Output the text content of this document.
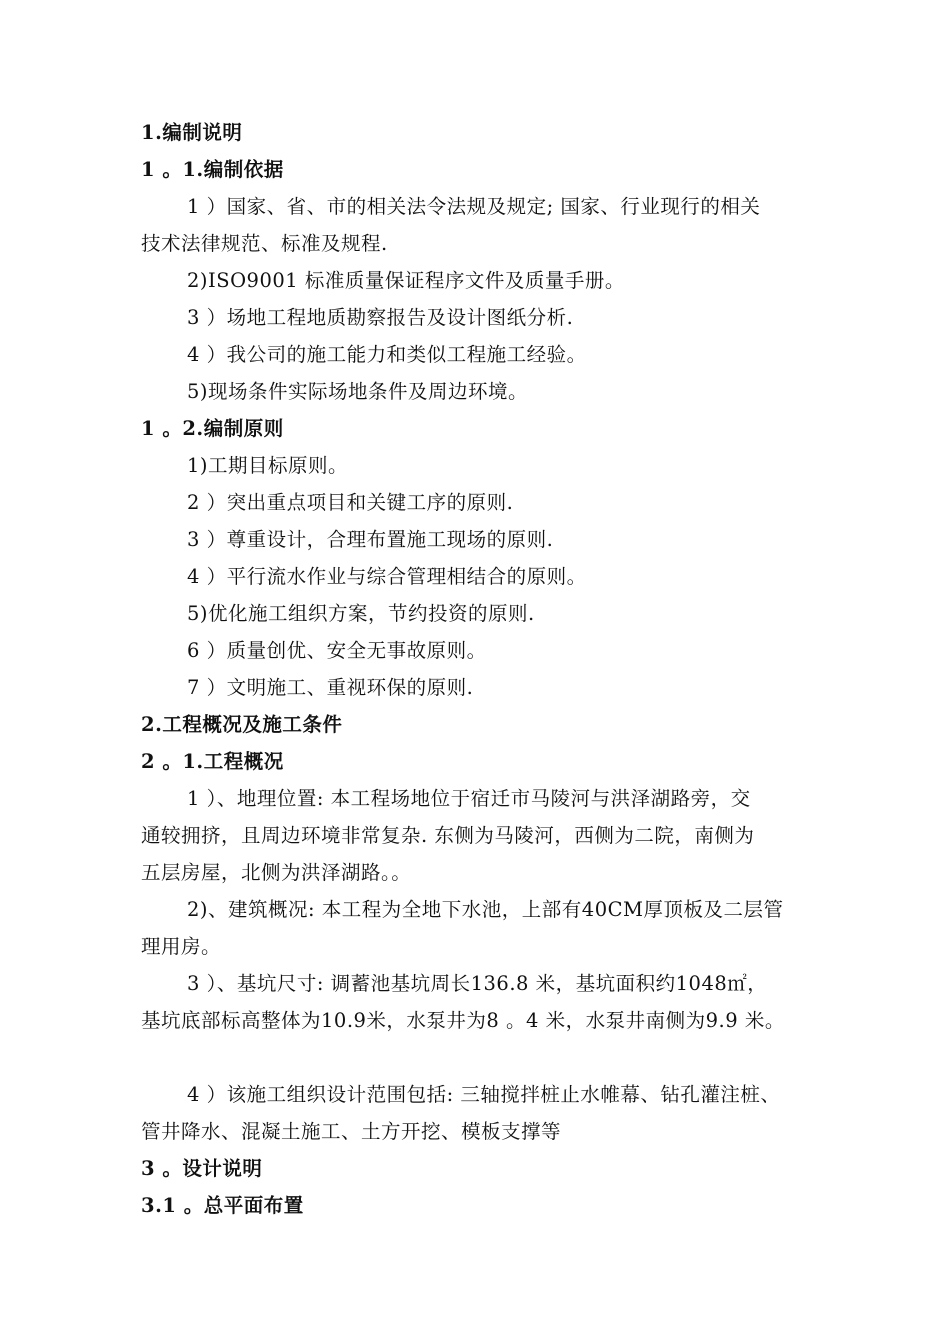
1.编制说明
1 。1.编制依据
1 ）国家、省、市的相关法令法规及规定; 国家、行业现行的相关
技术法律规范、标准及规程.
2)ISO9001 标准质量保证程序文件及质量手册。
3 ）场地工程地质勘察报告及设计图纸分析.
4 ）我公司的施工能力和类似工程施工经验。
5)现场条件实际场地条件及周边环境。
1 。2.编制原则
1)工期目标原则。
2 ）突出重点项目和关键工序的原则.
3 ）尊重设计，合理布置施工现场的原则.
4 ）平行流水作业与综合管理相结合的原则。
5)优化施工组织方案，节约投资的原则.
6 ）质量创优、安全无事故原则。
7 ）文明施工、重视环保的原则.
2.工程概况及施工条件
2 。1.工程概况
1 ）、地理位置: 本工程场地位于宿迁市马陵河与洪泽湖路旁，交
通较拥挤，且周边环境非常复杂. 东侧为马陵河，西侧为二院，南侧为
五层房屋，北侧为洪泽湖路。。
2)、建筑概况: 本工程为全地下水池，上部有40CM厚顶板及二层管
理用房。
3 ）、基坑尺寸: 调蓄池基坑周长136.8 米，基坑面积约1048㎡，
基坑底部标高整体为10.9米，水泵井为8 。4 米，水泵井南侧为9.9 米。
4 ）该施工组织设计范围包括: 三轴搅拌桩止水帷幕、钻孔灌注桩、
管井降水、混凝土施工、土方开挖、模板支撑等
3 。设计说明
3.1 。总平面布置
